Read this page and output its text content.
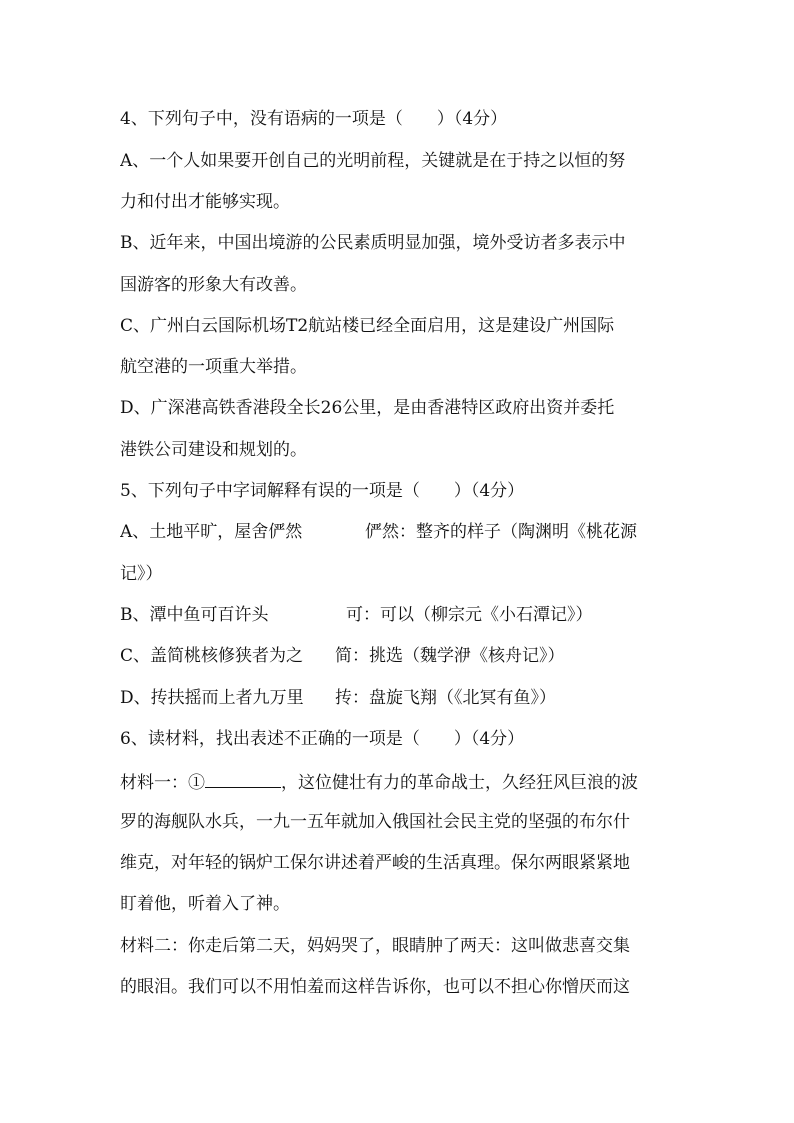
4、下列句子中，没有语病的一项是（　　）（4分）
A、一个人如果要开创自己的光明前程，关键就是在于持之以恒的努
力和付出才能够实现。
B、近年来，中国出境游的公民素质明显加强，境外受访者多表示中
国游客的形象大有改善。
C、广州白云国际机场T2航站楼已经全面启用，这是建设广州国际
航空港的一项重大举措。
D、广深港高铁香港段全长26公里，是由香港特区政府出资并委托
港铁公司建设和规划的。
5、下列句子中字词解释有误的一项是（　　）（4分）
A、土地平旷，屋舍俨然	俨然：整齐的样子（陶渊明《桃花源
记》）
B、潭中鱼可百许头	可：可以（柳宗元《小石潭记》）
C、盖简桃核修狭者为之 简：挑选（魏学洢《核舟记》）
D、抟扶摇而上者九万里 抟：盘旋飞翔（《北冥有鱼》）
6、读材料，找出表述不正确的一项是（　　）（4分）
材料一：①	，这位健壮有力的革命战士，久经狂风巨浪的波
罗的海舰队水兵，一九一五年就加入俄国社会民主党的坚强的布尔什
维克，对年轻的锅炉工保尔讲述着严峻的生活真理。保尔两眼紧紧地
盯着他，听着入了神。
材料二：你走后第二天，妈妈哭了，眼睛肿了两天：这叫做悲喜交集
的眼泪。我们可以不用怕羞而这样告诉你，也可以不担心你憎厌而这
